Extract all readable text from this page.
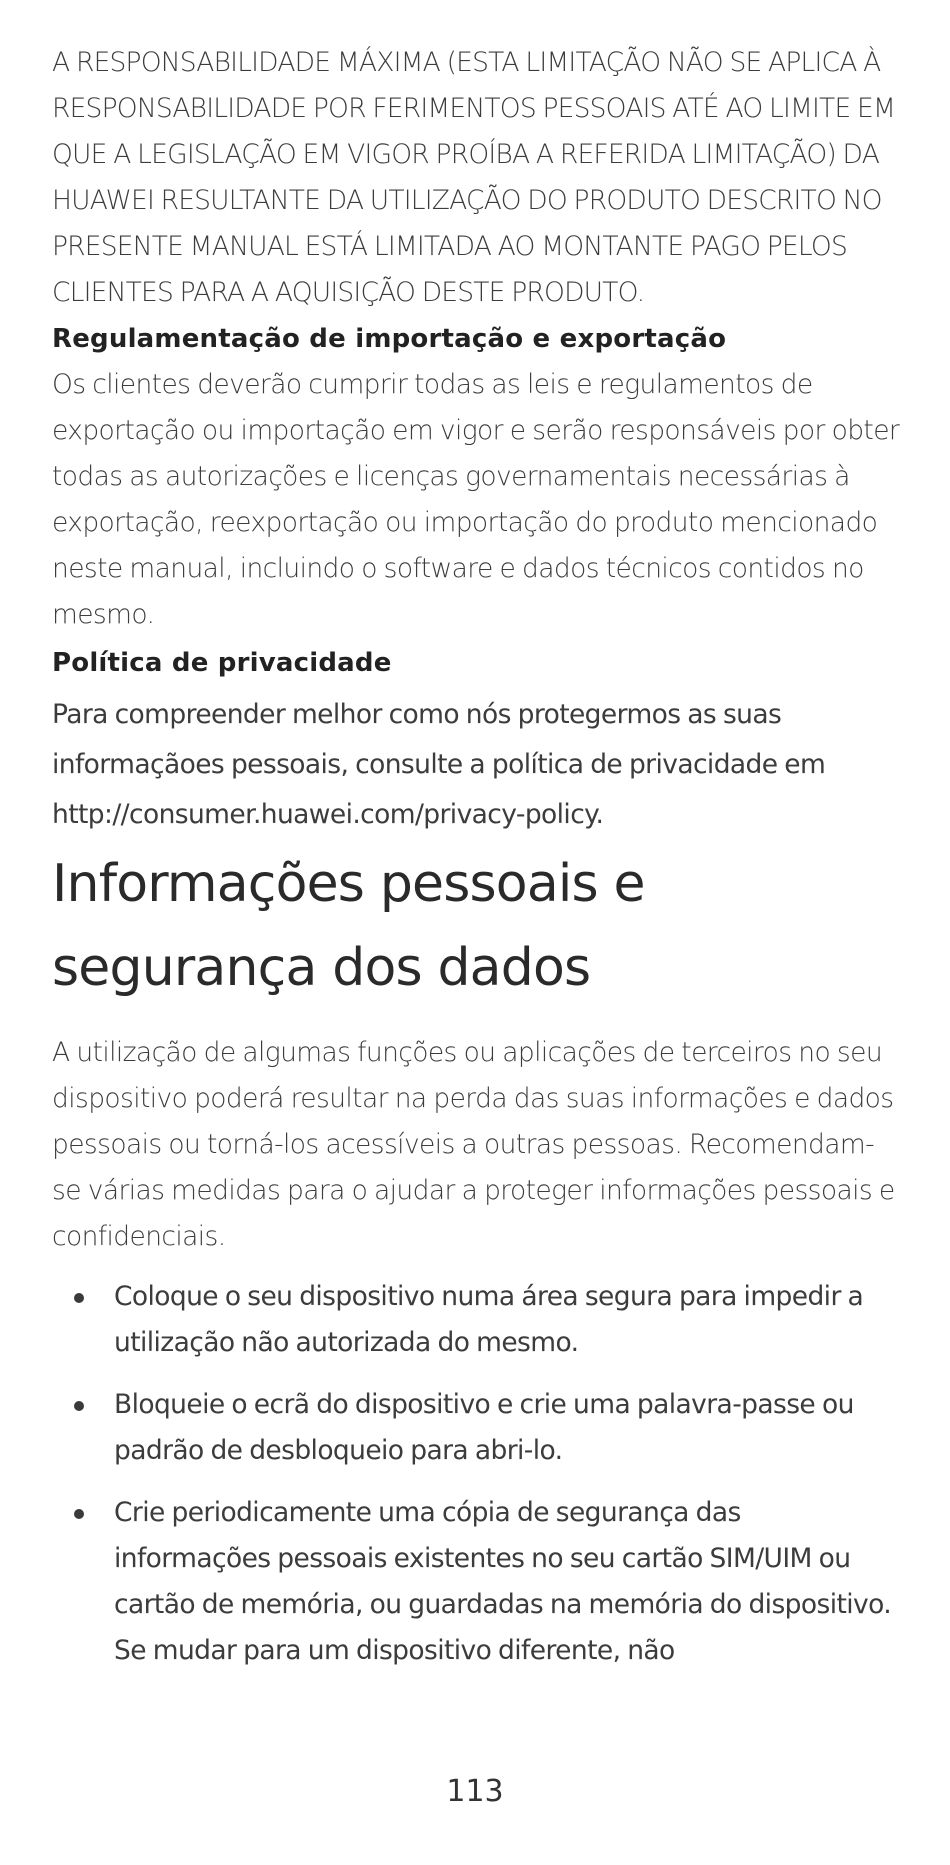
A RESPONSABILIDADE MÁXIMA (ESTA LIMITAÇÃO NÃO SE APLICA À RESPONSABILIDADE POR FERIMENTOS PESSOAIS ATÉ AO LIMITE EM QUE A LEGISLAÇÃO EM VIGOR PROÍBA A REFERIDA LIMITAÇÃO) DA HUAWEI RESULTANTE DA UTILIZAÇÃO DO PRODUTO DESCRITO NO PRESENTE MANUAL ESTÁ LIMITADA AO MONTANTE PAGO PELOS CLIENTES PARA A AQUISIÇÃO DESTE PRODUTO.

Regulamentação de importação e exportação

Os clientes deverão cumprir todas as leis e regulamentos de exportação ou importação em vigor e serão responsáveis por obter todas as autorizações e licenças governamentais necessárias à exportação, reexportação ou importação do produto mencionado neste manual, incluindo o software e dados técnicos contidos no mesmo.

Política de privacidade

Para compreender melhor como nós protegermos as suas informaçãoes pessoais, consulte a política de privacidade em http://consumer.huawei.com/privacy-policy.

Informações pessoais e segurança dos dados

A utilização de algumas funções ou aplicações de terceiros no seu dispositivo poderá resultar na perda das suas informações e dados pessoais ou torná-los acessíveis a outras pessoas. Recomendam-se várias medidas para o ajudar a proteger informações pessoais e confidenciais.

Coloque o seu dispositivo numa área segura para impedir a utilização não autorizada do mesmo.
Bloqueie o ecrã do dispositivo e crie uma palavra-passe ou padrão de desbloqueio para abri-lo.
Crie periodicamente uma cópia de segurança das informações pessoais existentes no seu cartão SIM/UIM ou cartão de memória, ou guardadas na memória do dispositivo. Se mudar para um dispositivo diferente, não
113
